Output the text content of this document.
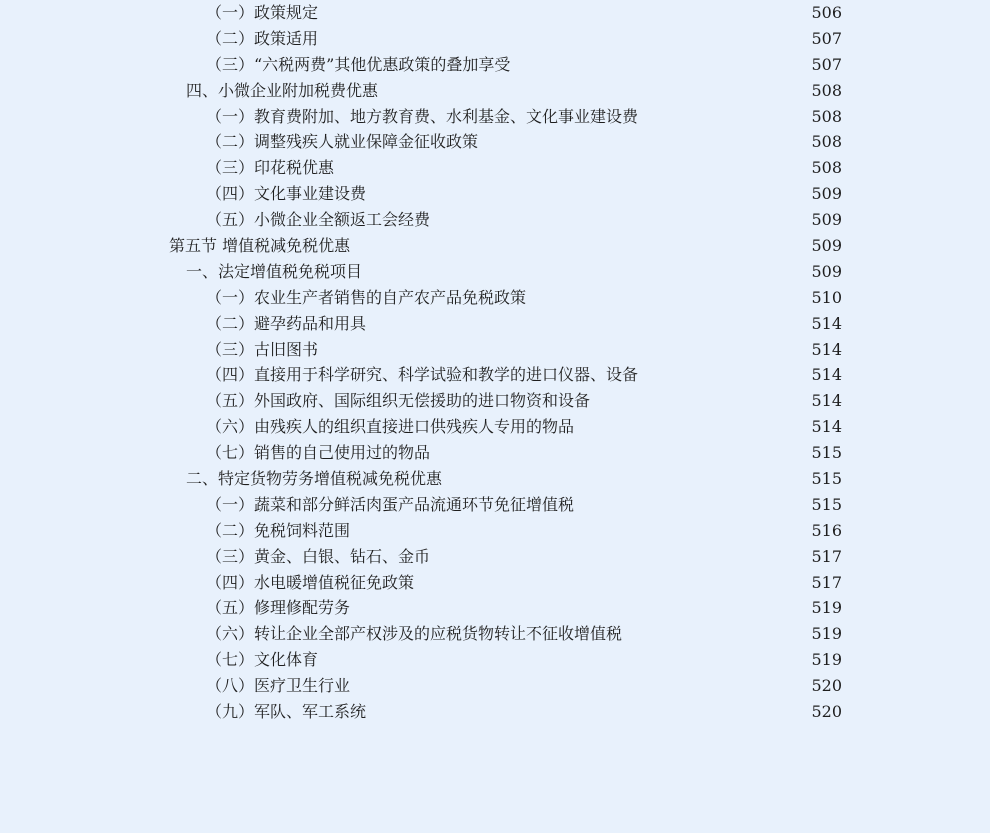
（一）政策规定	506
（二）政策适用	507
（三）“六税两费”其他优惠政策的叠加享受	507
四、小微企业附加税费优惠	508
（一）教育费附加、地方教育费、水利基金、文化事业建设费	508
（二）调整残疾人就业保障金征收政策	508
（三）印花税优惠	508
（四）文化事业建设费	509
（五）小微企业全额返工会经费	509
第五节 增值税减免税优惠	509
一、法定增值税免税项目	509
（一）农业生产者销售的自产农产品免税政策	510
（二）避孕药品和用具	514
（三）古旧图书	514
（四）直接用于科学研究、科学试验和教学的进口仪器、设备	514
（五）外国政府、国际组织无偿援助的进口物资和设备	514
（六）由残疾人的组织直接进口供残疾人专用的物品	514
（七）销售的自己使用过的物品	515
二、特定货物劳务增值税减免税优惠	515
（一）蔬菜和部分鲜活肉蛋产品流通环节免征增值税	515
（二）免税饲料范围	516
（三）黄金、白银、钻石、金币	517
（四）水电暖增值税征免政策	517
（五）修理修配劳务	519
（六）转让企业全部产权涉及的应税货物转让不征收增值税	519
（七）文化体育	519
（八）医疗卫生行业	520
（九）军队、军工系统	520
